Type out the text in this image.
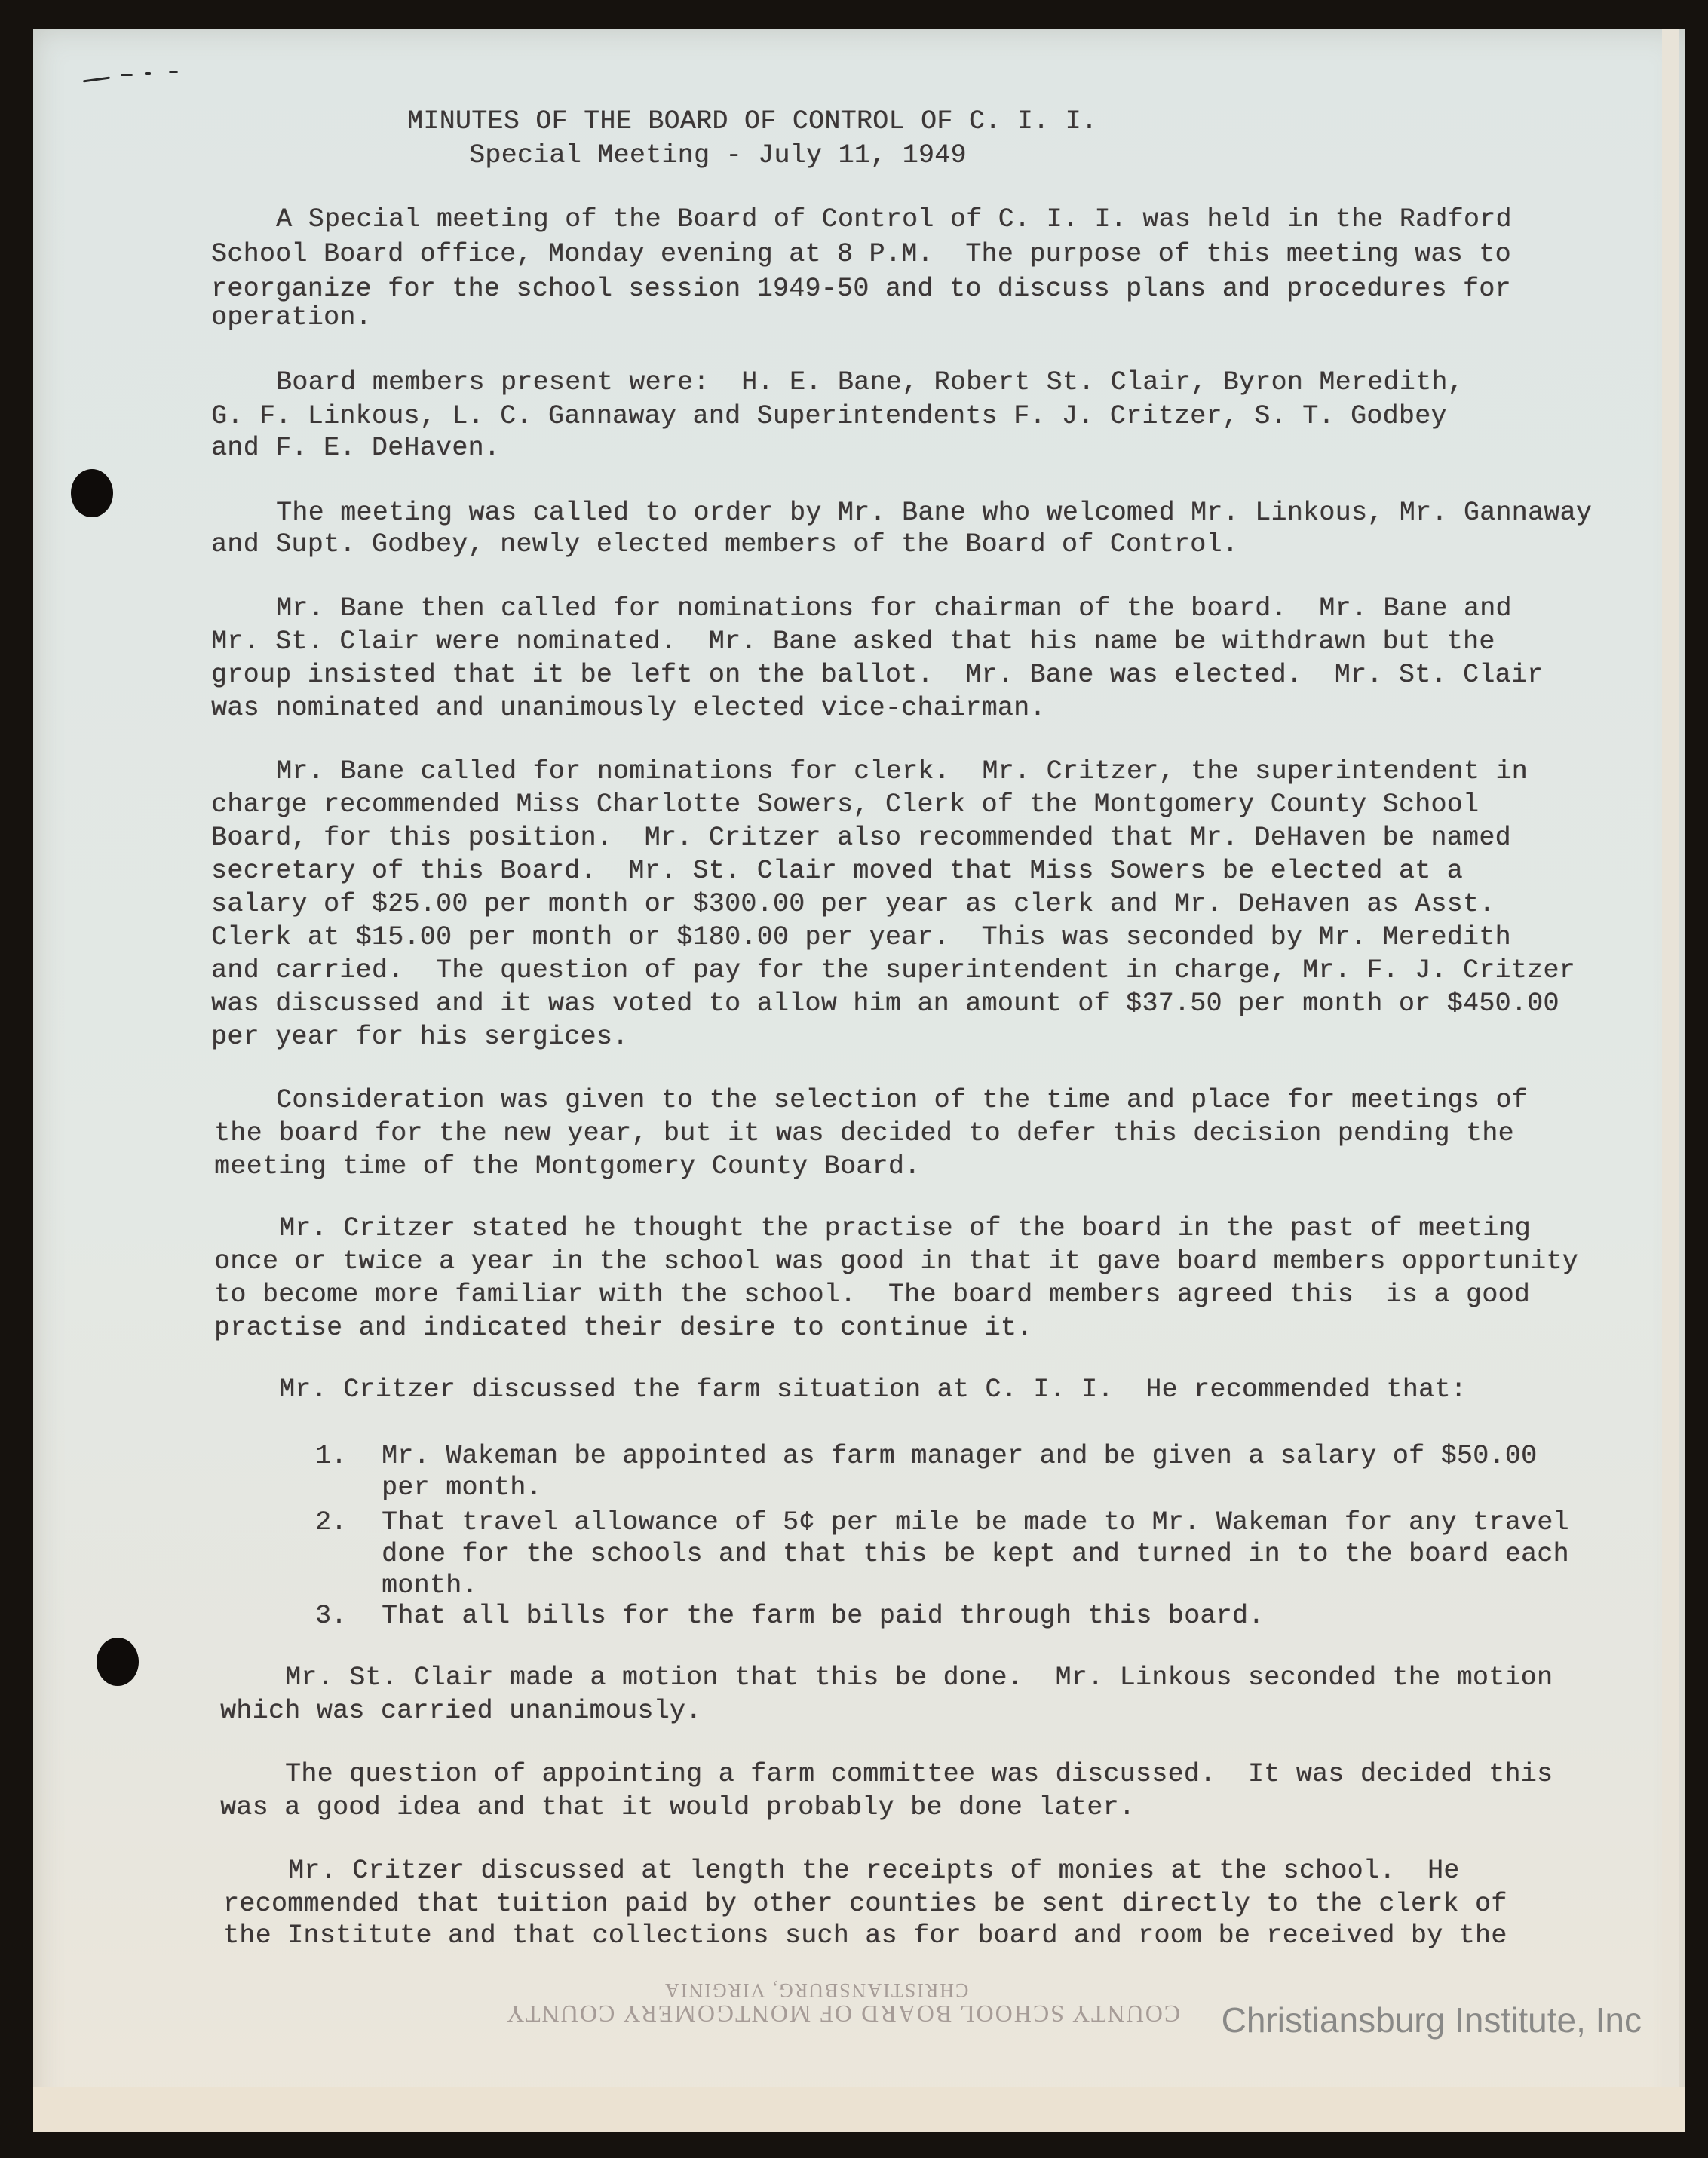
MINUTES OF THE BOARD OF CONTROL OF C. I. I.
Special Meeting - July 11, 1949
A Special meeting of the Board of Control of C. I. I. was held in the Radford
School Board office, Monday evening at 8 P.M.  The purpose of this meeting was to
reorganize for the school session 1949-50 and to discuss plans and procedures for
operation.
Board members present were:  H. E. Bane, Robert St. Clair, Byron Meredith,
G. F. Linkous, L. C. Gannaway and Superintendents F. J. Critzer, S. T. Godbey
and F. E. DeHaven.
The meeting was called to order by Mr. Bane who welcomed Mr. Linkous, Mr. Gannaway
and Supt. Godbey, newly elected members of the Board of Control.
Mr. Bane then called for nominations for chairman of the board.  Mr. Bane and
Mr. St. Clair were nominated.  Mr. Bane asked that his name be withdrawn but the
group insisted that it be left on the ballot.  Mr. Bane was elected.  Mr. St. Clair
was nominated and unanimously elected vice-chairman.
Mr. Bane called for nominations for clerk.  Mr. Critzer, the superintendent in
charge recommended Miss Charlotte Sowers, Clerk of the Montgomery County School
Board, for this position.  Mr. Critzer also recommended that Mr. DeHaven be named
secretary of this Board.  Mr. St. Clair moved that Miss Sowers be elected at a
salary of $25.00 per month or $300.00 per year as clerk and Mr. DeHaven as Asst.
Clerk at $15.00 per month or $180.00 per year.  This was seconded by Mr. Meredith
and carried.  The question of pay for the superintendent in charge, Mr. F. J. Critzer
was discussed and it was voted to allow him an amount of $37.50 per month or $450.00
per year for his sergices.
Consideration was given to the selection of the time and place for meetings of
the board for the new year, but it was decided to defer this decision pending the
meeting time of the Montgomery County Board.
Mr. Critzer stated he thought the practise of the board in the past of meeting
once or twice a year in the school was good in that it gave board members opportunity
to become more familiar with the school.  The board members agreed this  is a good
practise and indicated their desire to continue it.
Mr. Critzer discussed the farm situation at C. I. I.  He recommended that:
1. Mr. Wakeman be appointed as farm manager and be given a salary of $50.00
per month.
2. That travel allowance of 5¢ per mile be made to Mr. Wakeman for any travel
done for the schools and that this be kept and turned in to the board each
month.
3. That all bills for the farm be paid through this board.
Mr. St. Clair made a motion that this be done.  Mr. Linkous seconded the motion
which was carried unanimously.
The question of appointing a farm committee was discussed.  It was decided this
was a good idea and that it would probably be done later.
Mr. Critzer discussed at length the receipts of monies at the school.  He
recommended that tuition paid by other counties be sent directly to the clerk of
the Institute and that collections such as for board and room be received by the
CHRISTIANSBURG, VIRGINIA
COUNTY SCHOOL BOARD OF MONTGOMERY COUNTY Christiansburg Institute, Inc
